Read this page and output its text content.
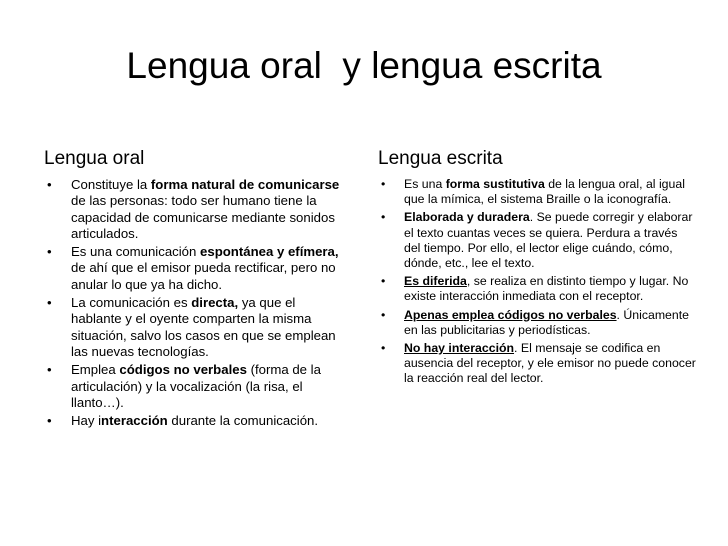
Lengua oral  y lengua escrita
Lengua oral
• Constituye la forma natural de comunicarse de las personas: todo ser humano tiene la capacidad de comunicarse mediante sonidos articulados.
• Es una comunicación espontánea y efímera, de ahí que el emisor pueda rectificar, pero no anular lo que ya ha dicho.
• La comunicación es directa, ya que el hablante y el oyente comparten la misma situación, salvo los casos en que se emplean las nuevas tecnologías.
• Emplea códigos no verbales (forma de la articulación) y la vocalización (la risa, el llanto…).
• Hay interacción durante la comunicación.
Lengua escrita
• Es una forma sustitutiva de la lengua oral, al igual que la mímica, el sistema Braille o la iconografía.
• Elaborada y duradera. Se puede corregir y elaborar el texto cuantas veces se quiera. Perdura a través del tiempo. Por ello, el lector elige cuándo, cómo, dónde, etc., lee el texto.
• Es diferida, se realiza en distinto tiempo y lugar. No existe interacción inmediata con el receptor.
• Apenas emplea códigos no verbales. Únicamente en las publicitarias y periodísticas.
• No hay interacción. El mensaje se codifica en ausencia del receptor, y ele emisor no puede conocer la reacción real del lector.
